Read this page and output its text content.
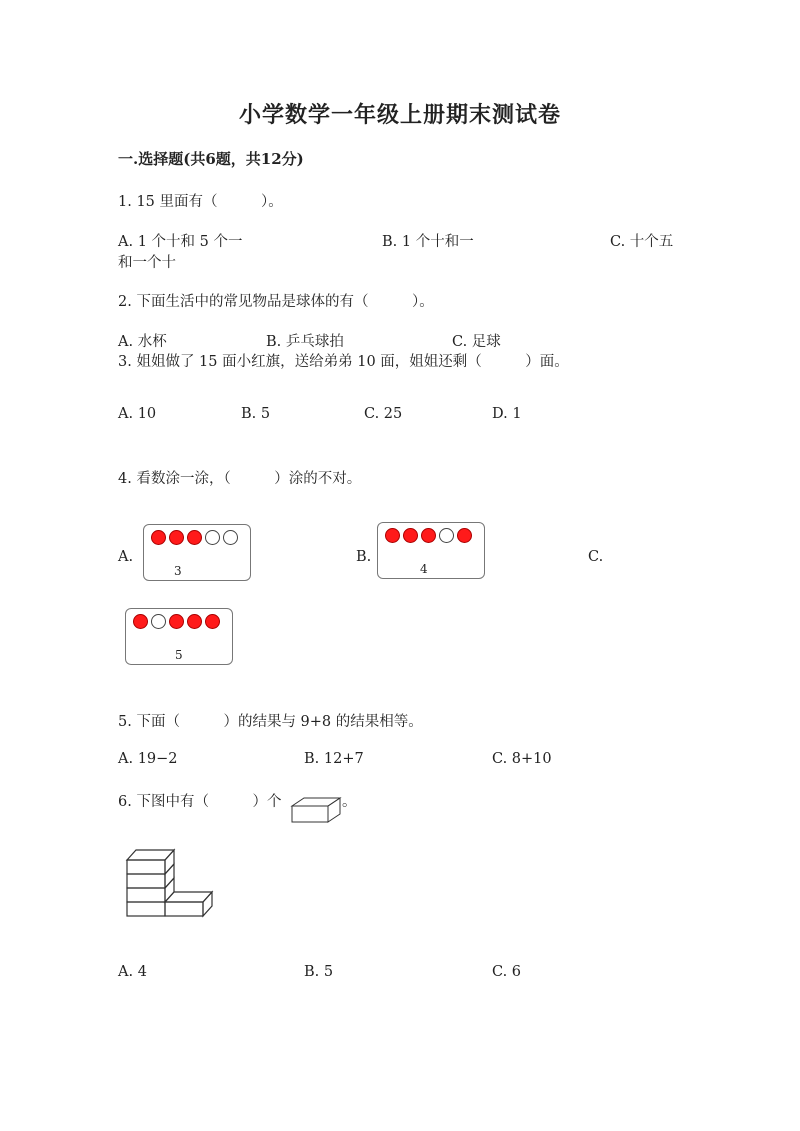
小学数学一年级上册期末测试卷
一.选择题(共6题，共12分)
1. 15 里面有（　　　）。
A. 1 个十和 5 个一	B. 1 个十和一	C. 十个五
和一个十
2. 下面生活中的常见物品是球体的有（　　　）。
A. 水杯	B. 乒乓球拍	C. 足球
3. 姐姐做了 15 面小红旗，送给弟弟 10 面，姐姐还剩（　　　）面。
A. 10	B. 5	C. 25	D. 1
4. 看数涂一涂，（　　　）涂的不对。
A.	B.	C.
3	4
5
5. 下面（　　　）的结果与 9+8 的结果相等。
A. 19−2	B. 12+7	C. 8+10
6. 下图中有（　　　）个	。
A. 4	B. 5	C. 6
